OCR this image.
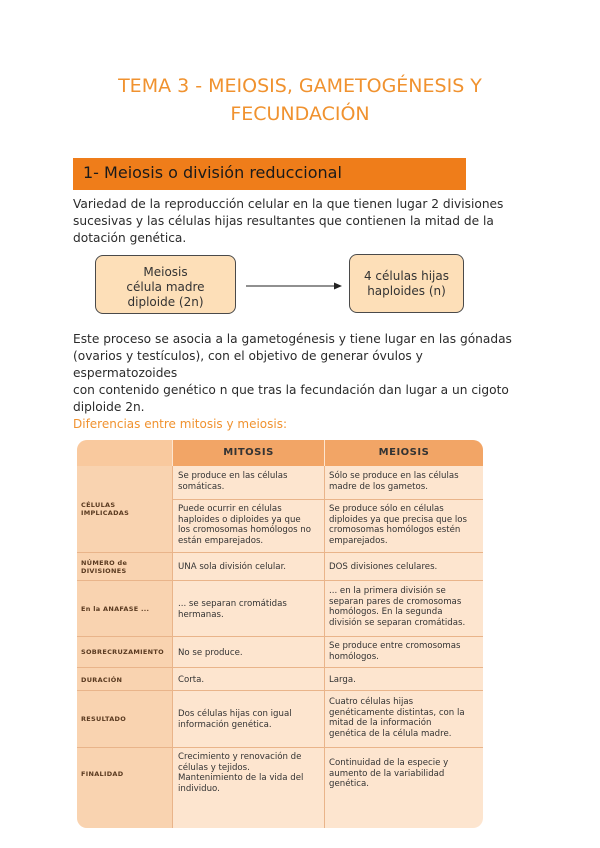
TEMA 3 - MEIOSIS, GAMETOGÉNESIS Y
FECUNDACIÓN
1- Meiosis o división reduccional
Variedad de la reproducción celular en la que tienen lugar 2 divisiones
sucesivas y las células hijas resultantes que contienen la mitad de la
dotación genética.
Meiosis
célula madre
diploide (2n)
4 células hijas
haploides (n)
Este proceso se asocia a la gametogénesis y tiene lugar en las gónadas
(ovarios y testículos), con el objetivo de generar óvulos y espermatozoides
con contenido genético n que tras la fecundación dan lugar a un cigoto
diploide 2n.
Diferencias entre mitosis y meiosis:
MITOSIS	MEIOSIS
CÉLULAS
IMPLICADAS
NÚMERO de
DIVISIONES
En la ANAFASE ...
SOBRECRUZAMIENTO
DURACIÓN
RESULTADO
FINALIDAD
Se produce en las células
somáticas.
Puede ocurrir en células
haploides o diploides ya que
los cromosomas homólogos no
están emparejados.
UNA sola división celular.
... se separan cromátidas
hermanas.
No se produce.
Corta.
Dos células hijas con igual
información genética.
Crecimiento y renovación de
células y tejidos.
Mantenimiento de la vida del
individuo.
Sólo se produce en las células
madre de los gametos.
Se produce sólo en células
diploides ya que precisa que los
cromosomas homólogos estén
emparejados.
DOS divisiones celulares.
... en la primera división se
separan pares de cromosomas
homólogos. En la segunda
división se separan cromátidas.
Se produce entre cromosomas
homólogos.
Larga.
Cuatro células hijas
genéticamente distintas, con la
mitad de la información
genética de la célula madre.
Continuidad de la especie y
aumento de la variabilidad
genética.
